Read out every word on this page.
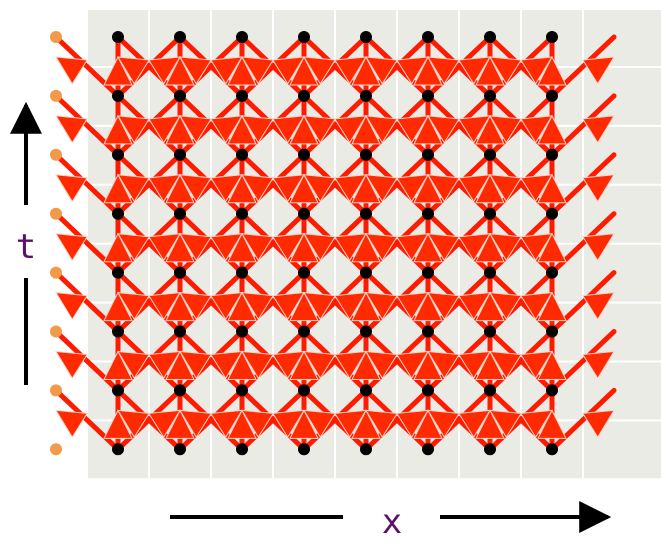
t
x
